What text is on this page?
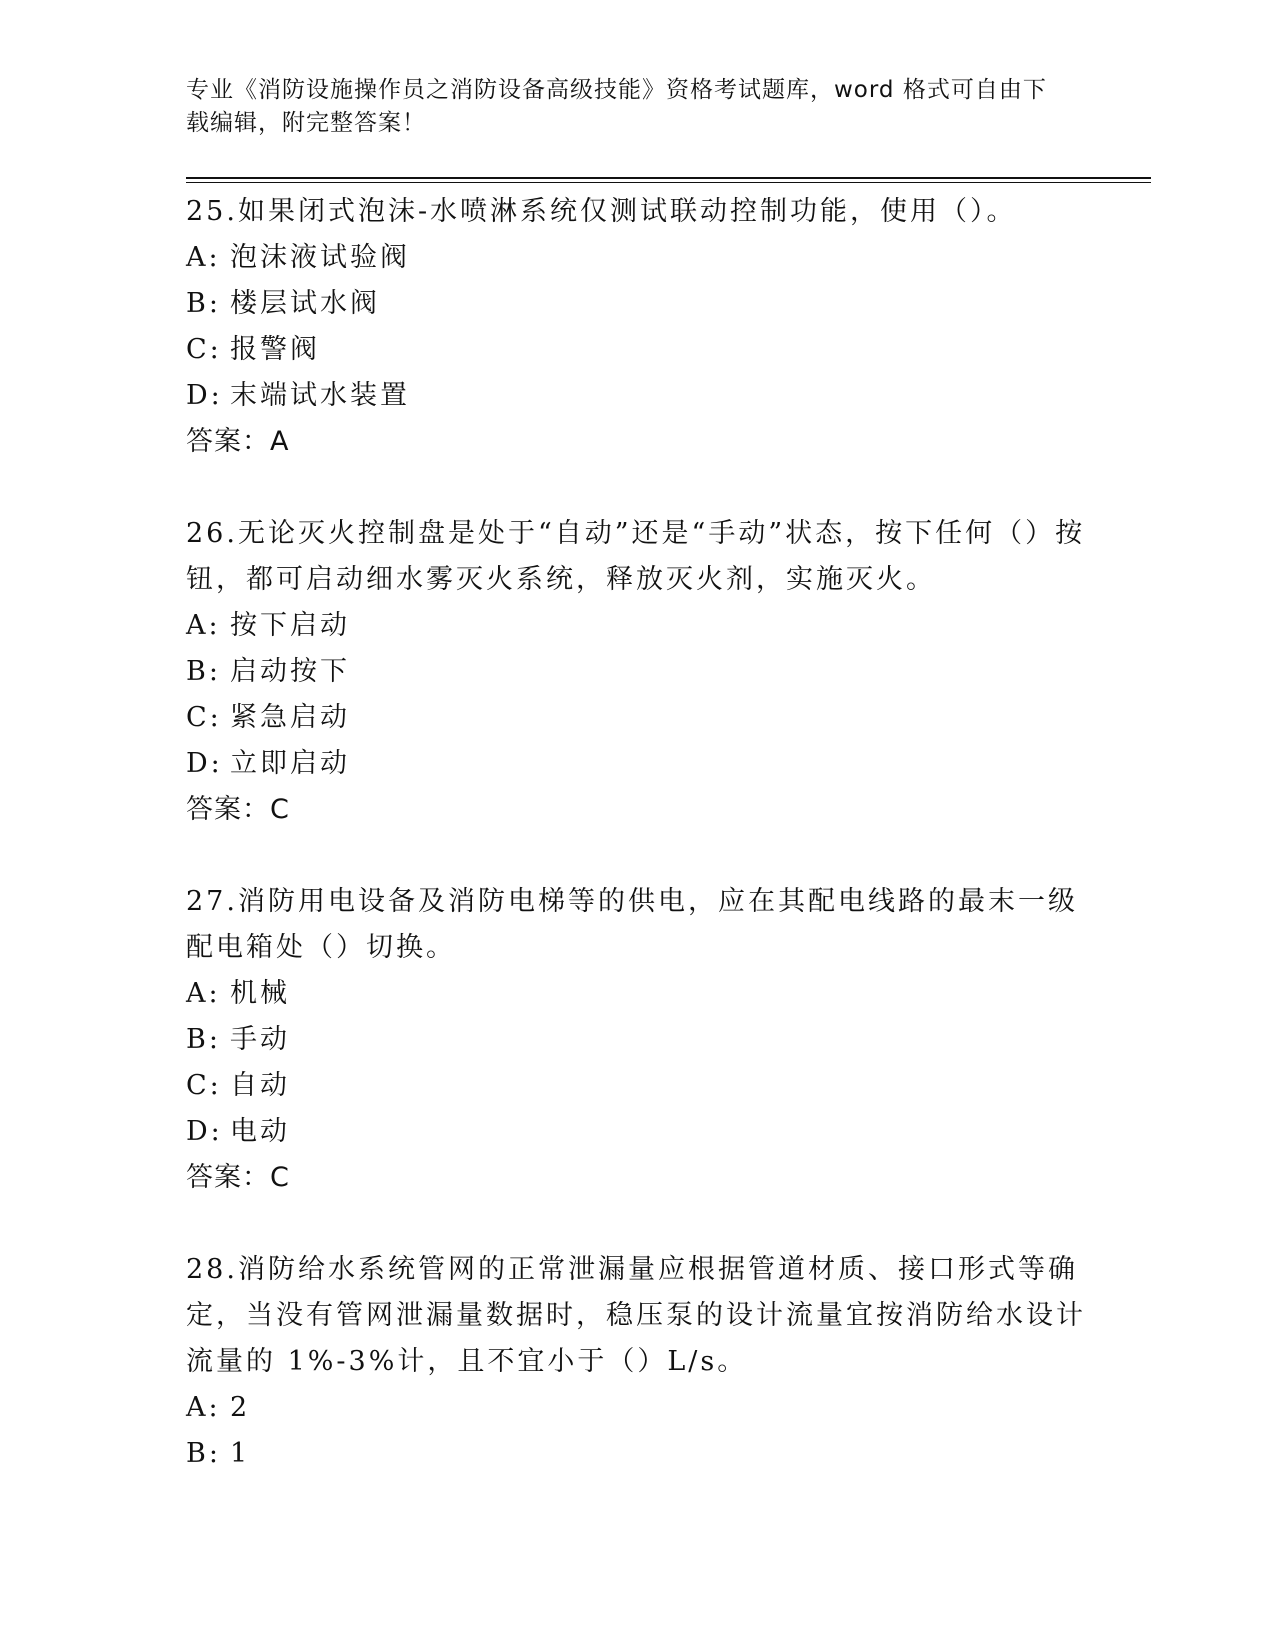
专业《消防设施操作员之消防设备高级技能》资格考试题库，word 格式可自由下
载编辑，附完整答案！
25.如果闭式泡沫-水喷淋系统仅测试联动控制功能，使用（）。
A: 泡沫液试验阀
B: 楼层试水阀
C: 报警阀
D: 末端试水装置
答案：A
26.无论灭火控制盘是处于“自动”还是“手动”状态，按下任何（）按钮，都可启动细水雾灭火系统，释放灭火剂，实施灭火。
A: 按下启动
B: 启动按下
C: 紧急启动
D: 立即启动
答案：C
27.消防用电设备及消防电梯等的供电，应在其配电线路的最末一级配电箱处（）切换。
A: 机械
B: 手动
C: 自动
D: 电动
答案：C
28.消防给水系统管网的正常泄漏量应根据管道材质、接口形式等确定，当没有管网泄漏量数据时，稳压泵的设计流量宜按消防给水设计流量的 1%-3%计，且不宜小于（）L/s。
A: 2
B: 1
